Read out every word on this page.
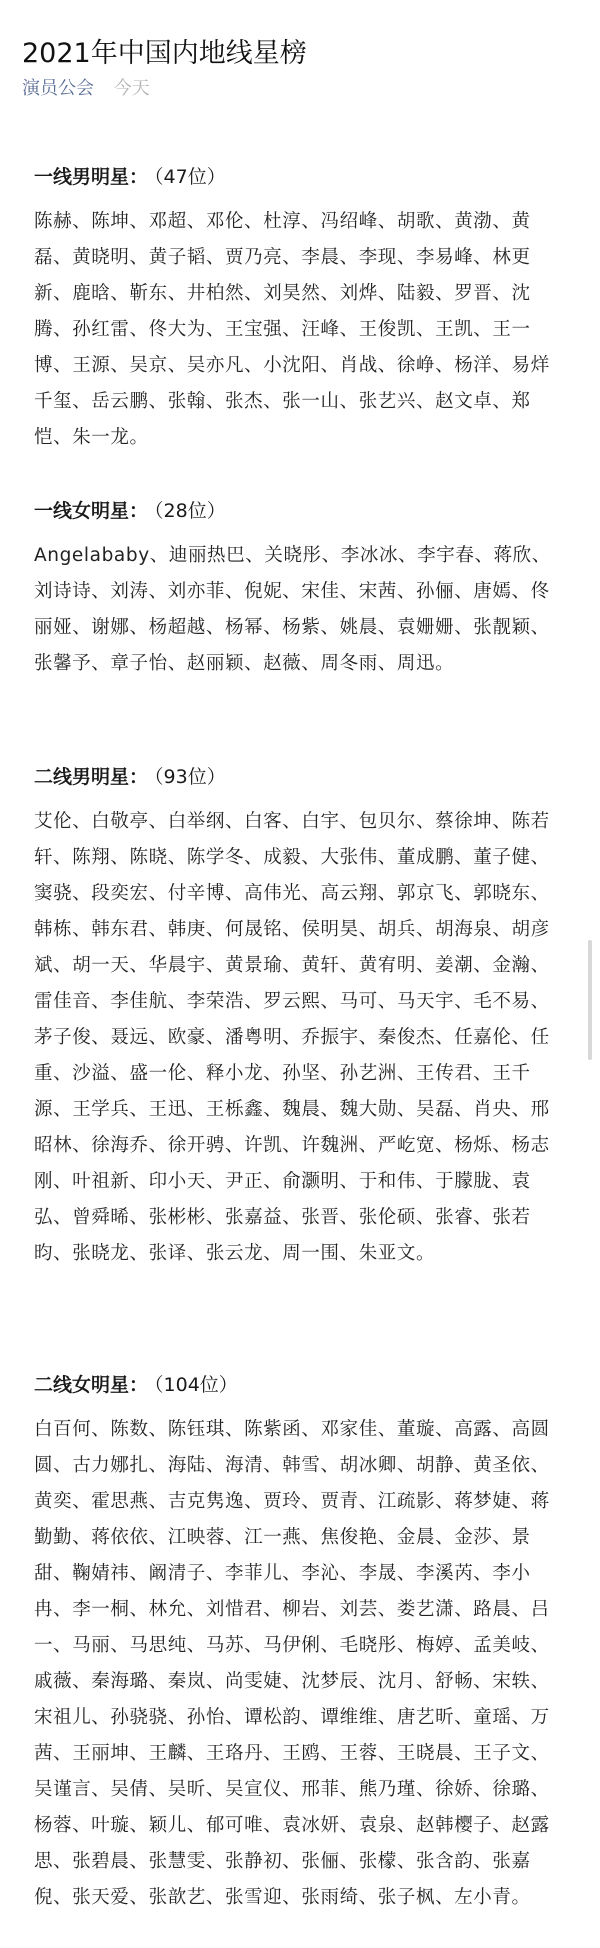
2021年中国内地线星榜
演员公会 今天
一线男明星： （47位）
陈赫、陈坤、邓超、邓伦、杜淳、冯绍峰、胡歌、黄渤、黄磊、黄晓明、黄子韬、贾乃亮、李晨、李现、李易峰、林更新、鹿晗、靳东、井柏然、刘昊然、刘烨、陆毅、罗晋、沈腾、孙红雷、佟大为、王宝强、汪峰、王俊凯、王凯、王一博、王源、吴京、吴亦凡、小沈阳、肖战、徐峥、杨洋、易烊千玺、岳云鹏、张翰、张杰、张一山、张艺兴、赵文卓、郑恺、朱一龙。
一线女明星： （28位）
Angelababy、迪丽热巴、关晓彤、李冰冰、李宇春、蒋欣、刘诗诗、刘涛、刘亦菲、倪妮、宋佳、宋茜、孙俪、唐嫣、佟丽娅、谢娜、杨超越、杨幂、杨紫、姚晨、袁姗姗、张靓颖、张馨予、章子怡、赵丽颖、赵薇、周冬雨、周迅。
二线男明星： （93位）
艾伦、白敬亭、白举纲、白客、白宇、包贝尔、蔡徐坤、陈若轩、陈翔、陈晓、陈学冬、成毅、大张伟、董成鹏、董子健、窦骁、段奕宏、付辛博、高伟光、高云翔、郭京飞、郭晓东、韩栋、韩东君、韩庚、何晟铭、侯明昊、胡兵、胡海泉、胡彦斌、胡一天、华晨宇、黄景瑜、黄轩、黄宥明、姜潮、金瀚、雷佳音、李佳航、李荣浩、罗云熙、马可、马天宇、毛不易、茅子俊、聂远、欧豪、潘粤明、乔振宇、秦俊杰、任嘉伦、任重、沙溢、盛一伦、释小龙、孙坚、孙艺洲、王传君、王千源、王学兵、王迅、王栎鑫、魏晨、魏大勋、吴磊、肖央、邢昭林、徐海乔、徐开骋、许凯、许魏洲、严屹宽、杨烁、杨志刚、叶祖新、印小天、尹正、俞灏明、于和伟、于朦胧、袁弘、曾舜晞、张彬彬、张嘉益、张晋、张伦硕、张睿、张若昀、张晓龙、张译、张云龙、周一围、朱亚文。
二线女明星： （104位）
白百何、陈数、陈钰琪、陈紫函、邓家佳、董璇、高露、高圆圆、古力娜扎、海陆、海清、韩雪、胡冰卿、胡静、黄圣依、黄奕、霍思燕、吉克隽逸、贾玲、贾青、江疏影、蒋梦婕、蒋勤勤、蒋依依、江映蓉、江一燕、焦俊艳、金晨、金莎、景甜、鞠婧祎、阚清子、李菲儿、李沁、李晟、李溪芮、李小冉、李一桐、林允、刘惜君、柳岩、刘芸、娄艺潇、路晨、吕一、马丽、马思纯、马苏、马伊俐、毛晓彤、梅婷、孟美岐、戚薇、秦海璐、秦岚、尚雯婕、沈梦辰、沈月、舒畅、宋轶、宋祖儿、孙骁骁、孙怡、谭松韵、谭维维、唐艺昕、童瑶、万茜、王丽坤、王麟、王珞丹、王鸥、王蓉、王晓晨、王子文、吴谨言、吴倩、吴昕、吴宣仪、邢菲、熊乃瑾、徐娇、徐璐、杨蓉、叶璇、颖儿、郁可唯、袁冰妍、袁泉、赵韩樱子、赵露思、张碧晨、张慧雯、张静初、张俪、张檬、张含韵、张嘉倪、张天爱、张歆艺、张雪迎、张雨绮、张子枫、左小青。
